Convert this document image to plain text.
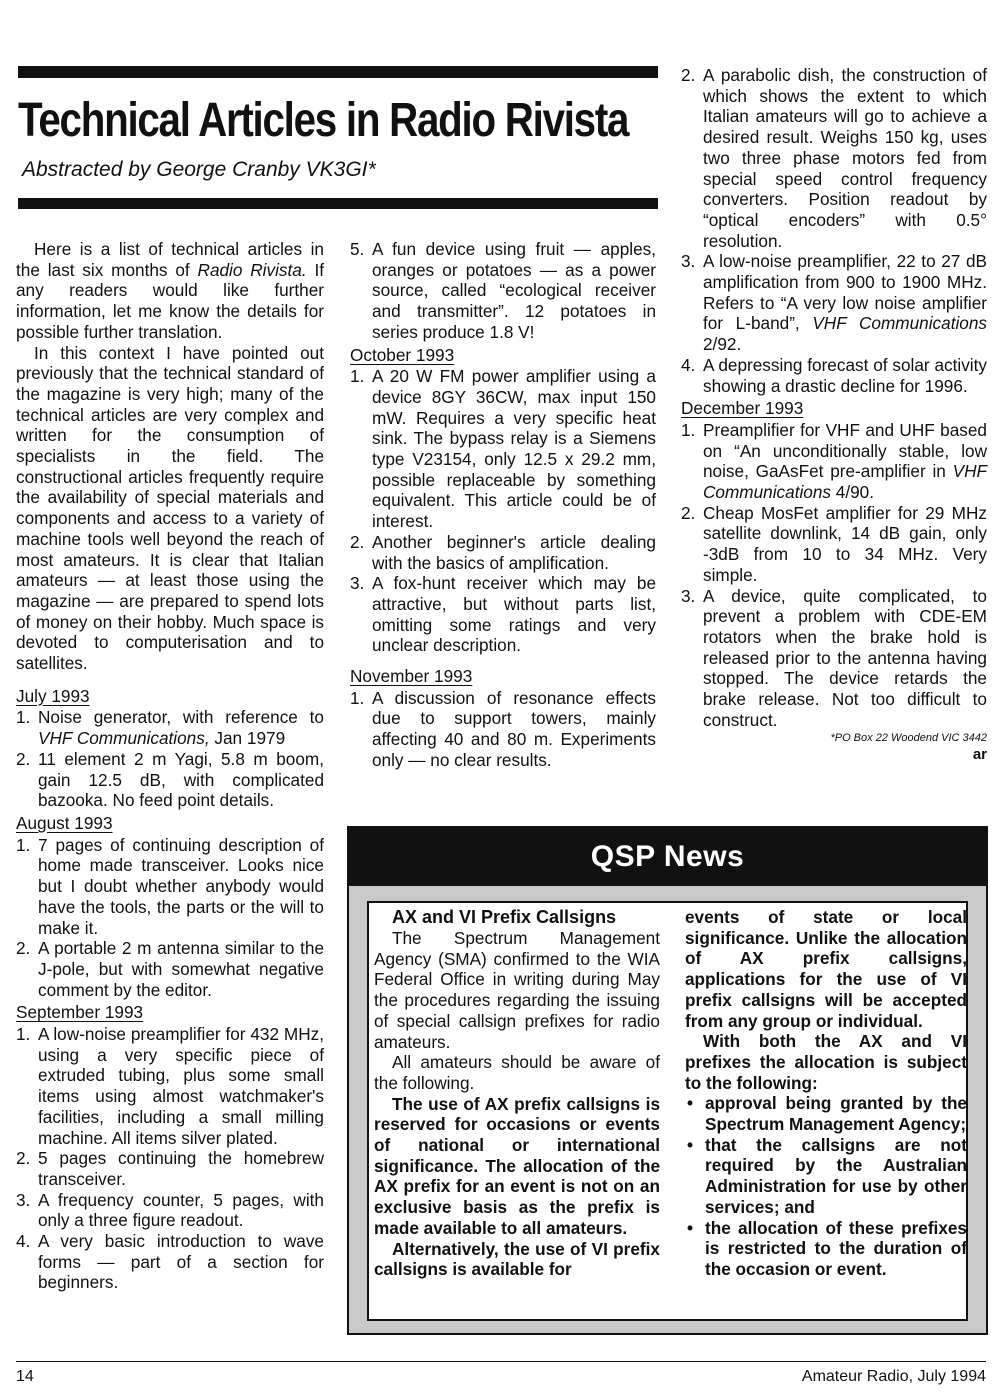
Technical Articles in Radio Rivista
Abstracted by George Cranby VK3GI*

Here is a list of technical articles in the last six months of Radio Rivista. If any readers would like further information, let me know the details for possible further translation.

In this context I have pointed out previously that the technical standard of the magazine is very high; many of the technical articles are very complex and written for the consumption of specialists in the field. The constructional articles frequently require the availability of special materials and components and access to a variety of machine tools well beyond the reach of most amateurs. It is clear that Italian amateurs — at least those using the magazine — are prepared to spend lots of money on their hobby. Much space is devoted to computerisation and to satellites.

July 1993
1. Noise generator, with reference to VHF Communications, Jan 1979
2. 11 element 2 m Yagi, 5.8 m boom, gain 12.5 dB, with complicated bazooka. No feed point details.
August 1993
1. 7 pages of continuing description of home made transceiver. Looks nice but I doubt whether anybody would have the tools, the parts or the will to make it.
2. A portable 2 m antenna similar to the J-pole, but with somewhat negative comment by the editor.
September 1993
1. A low-noise preamplifier for 432 MHz, using a very specific piece of extruded tubing, plus some small items using almost watchmaker's facilities, including a small milling machine. All items silver plated.
2. 5 pages continuing the homebrew transceiver.
3. A frequency counter, 5 pages, with only a three figure readout.
4. A very basic introduction to wave forms — part of a section for beginners.
5. A fun device using fruit — apples, oranges or potatoes — as a power source, called “ecological receiver and transmitter”. 12 potatoes in series produce 1.8 V!
October 1993
1. A 20 W FM power amplifier using a device 8GY 36CW, max input 150 mW. Requires a very specific heat sink. The bypass relay is a Siemens type V23154, only 12.5 x 29.2 mm, possible replaceable by something equivalent. This article could be of interest.
2. Another beginner's article dealing with the basics of amplification.
3. A fox-hunt receiver which may be attractive, but without parts list, omitting some ratings and very unclear description.
November 1993
1. A discussion of resonance effects due to support towers, mainly affecting 40 and 80 m. Experiments only — no clear results.
2. A parabolic dish, the construction of which shows the extent to which Italian amateurs will go to achieve a desired result. Weighs 150 kg, uses two three phase motors fed from special speed control frequency converters. Position readout by “optical encoders” with 0.5° resolution.
3. A low-noise preamplifier, 22 to 27 dB amplification from 900 to 1900 MHz. Refers to “A very low noise amplifier for L-band”, VHF Communications 2/92.
4. A depressing forecast of solar activity showing a drastic decline for 1996.
December 1993
1. Preamplifier for VHF and UHF based on “An unconditionally stable, low noise, GaAsFet pre-amplifier in VHF Communications 4/90.
2. Cheap MosFet amplifier for 29 MHz satellite downlink, 14 dB gain, only -3dB from 10 to 34 MHz. Very simple.
3. A device, quite complicated, to prevent a problem with CDE-EM rotators when the brake hold is released prior to the antenna having stopped. The device retards the brake release. Not too difficult to construct.
*PO Box 22 Woodend VIC 3442
ar
QSP News

AX and VI Prefix Callsigns

The Spectrum Management Agency (SMA) confirmed to the WIA Federal Office in writing during May the procedures regarding the issuing of special callsign prefixes for radio amateurs.

All amateurs should be aware of the following.

The use of AX prefix callsigns is reserved for occasions or events of national or international significance. The allocation of the AX prefix for an event is not on an exclusive basis as the prefix is made available to all amateurs.

Alternatively, the use of VI prefix callsigns is available for

events of state or local significance. Unlike the allocation of AX prefix callsigns, applications for the use of VI prefix callsigns will be accepted from any group or individual.

With both the AX and VI prefixes the allocation is subject to the following:

• approval being granted by the Spectrum Management Agency;
• that the callsigns are not required by the Australian Administration for use by other services; and
• the allocation of these prefixes is restricted to the duration of the occasion or event.
14	Amateur Radio, July 1994
